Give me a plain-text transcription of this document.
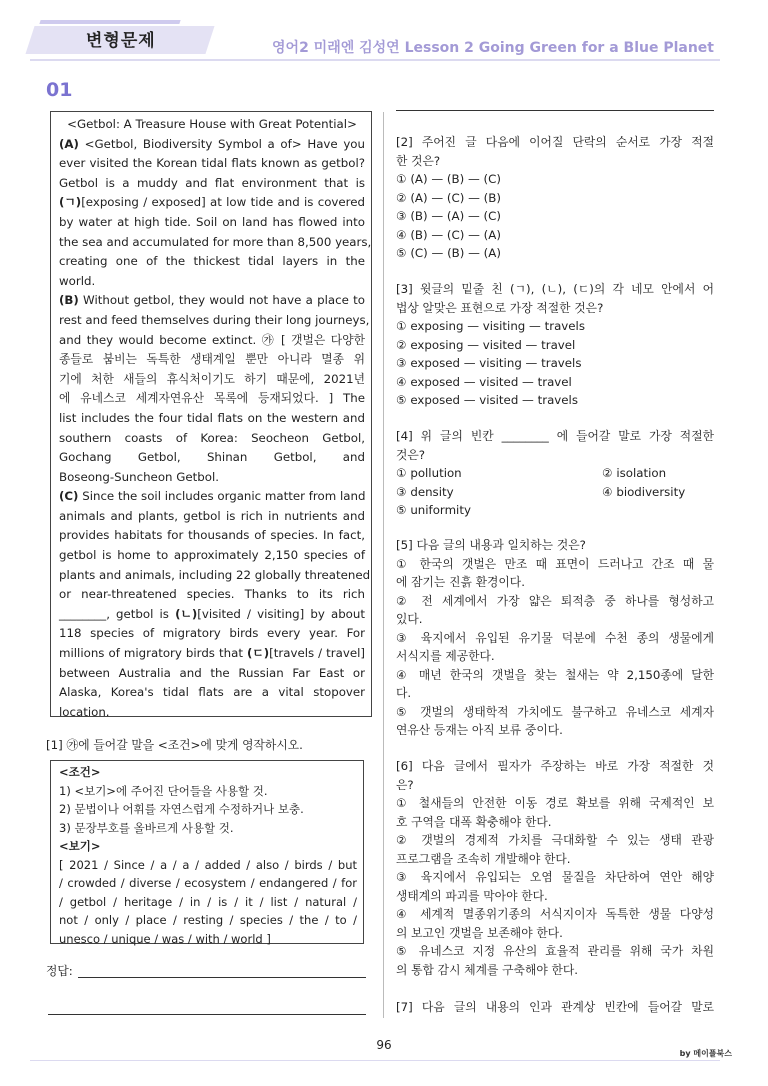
변형문제	영어2 미래엔 김성연 Lesson 2 Going Green for a Blue Planet
01
<Getbol: A Treasure House with Great Potential>
(A) <Getbol, Biodiversity Symbol a of> Have you
ever visited the Korean tidal flats known as getbol?
Getbol is a muddy and flat environment that is
(ㄱ)[exposing / exposed] at low tide and is covered
by water at high tide. Soil on land has flowed into
the sea and accumulated for more than 8,500 years,
creating one of the thickest tidal layers in the
world.
(B) Without getbol, they would not have a place to
rest and feed themselves during their long journeys,
and they would become extinct. ㉮ [ 갯벌은 다양한
종들로 붐비는 독특한 생태계일 뿐만 아니라 멸종 위
기에 처한 새들의 휴식처이기도 하기 때문에, 2021년
에 유네스코 세계자연유산 목록에 등재되었다. ] The
list includes the four tidal flats on the western and
southern coasts of Korea: Seocheon Getbol,
Gochang Getbol, Shinan Getbol, and
Boseong-Suncheon Getbol.
(C) Since the soil includes organic matter from land
animals and plants, getbol is rich in nutrients and
provides habitats for thousands of species. In fact,
getbol is home to approximately 2,150 species of
plants and animals, including 22 globally threatened
or near-threatened species. Thanks to its rich
________, getbol is (ㄴ)[visited / visiting] by about
118 species of migratory birds every year. For
millions of migratory birds that (ㄷ)[travels / travel]
between Australia and the Russian Far East or
Alaska, Korea's tidal flats are a vital stopover
location.
[1] ㉮에 들어갈 말을 <조건>에 맞게 영작하시오.
<조건>
1) <보기>에 주어진 단어들을 사용할 것.
2) 문법이나 어휘를 자연스럽게 수정하거나 보충.
3) 문장부호를 올바르게 사용할 것.
<보기>
[ 2021 / Since / a / a / added / also / birds / but
/ crowded / diverse / ecosystem / endangered / for
/ getbol / heritage / in / is / it / list / natural /
not / only / place / resting / species / the / to /
unesco / unique / was / with / world ]
정답:
[2] 주어진 글 다음에 이어질 단락의 순서로 가장 적절
한 것은?
① (A) — (B) — (C)
② (A) — (C) — (B)
③ (B) — (A) — (C)
④ (B) — (C) — (A)
⑤ (C) — (B) — (A)
[3] 윗글의 밑줄 친 (ㄱ), (ㄴ), (ㄷ)의 각 네모 안에서 어
법상 알맞은 표현으로 가장 적절한 것은?
① exposing — visiting — travels
② exposing — visited — travel
③ exposed — visiting — travels
④ exposed — visited — travel
⑤ exposed — visited — travels
[4] 위 글의 빈칸 ________ 에 들어갈 말로 가장 적절한
것은?
① pollution	② isolation
③ density	④ biodiversity
⑤ uniformity
[5] 다음 글의 내용과 일치하는 것은?
① 한국의 갯벌은 만조 때 표면이 드러나고 간조 때 물
에 잠기는 진흙 환경이다.
② 전 세계에서 가장 얇은 퇴적층 중 하나를 형성하고
있다.
③ 육지에서 유입된 유기물 덕분에 수천 종의 생물에게
서식지를 제공한다.
④ 매년 한국의 갯벌을 찾는 철새는 약 2,150종에 달한
다.
⑤ 갯벌의 생태학적 가치에도 불구하고 유네스코 세계자
연유산 등재는 아직 보류 중이다.
[6] 다음 글에서 필자가 주장하는 바로 가장 적절한 것
은?
① 철새들의 안전한 이동 경로 확보를 위해 국제적인 보
호 구역을 대폭 확충해야 한다.
② 갯벌의 경제적 가치를 극대화할 수 있는 생태 관광
프로그램을 조속히 개발해야 한다.
③ 육지에서 유입되는 오염 물질을 차단하여 연안 해양
생태계의 파괴를 막아야 한다.
④ 세계적 멸종위기종의 서식지이자 독특한 생물 다양성
의 보고인 갯벌을 보존해야 한다.
⑤ 유네스코 지정 유산의 효율적 관리를 위해 국가 차원
의 통합 감시 체계를 구축해야 한다.
[7] 다음 글의 내용의 인과 관계상 빈칸에 들어갈 말로
96
by 메이플북스
